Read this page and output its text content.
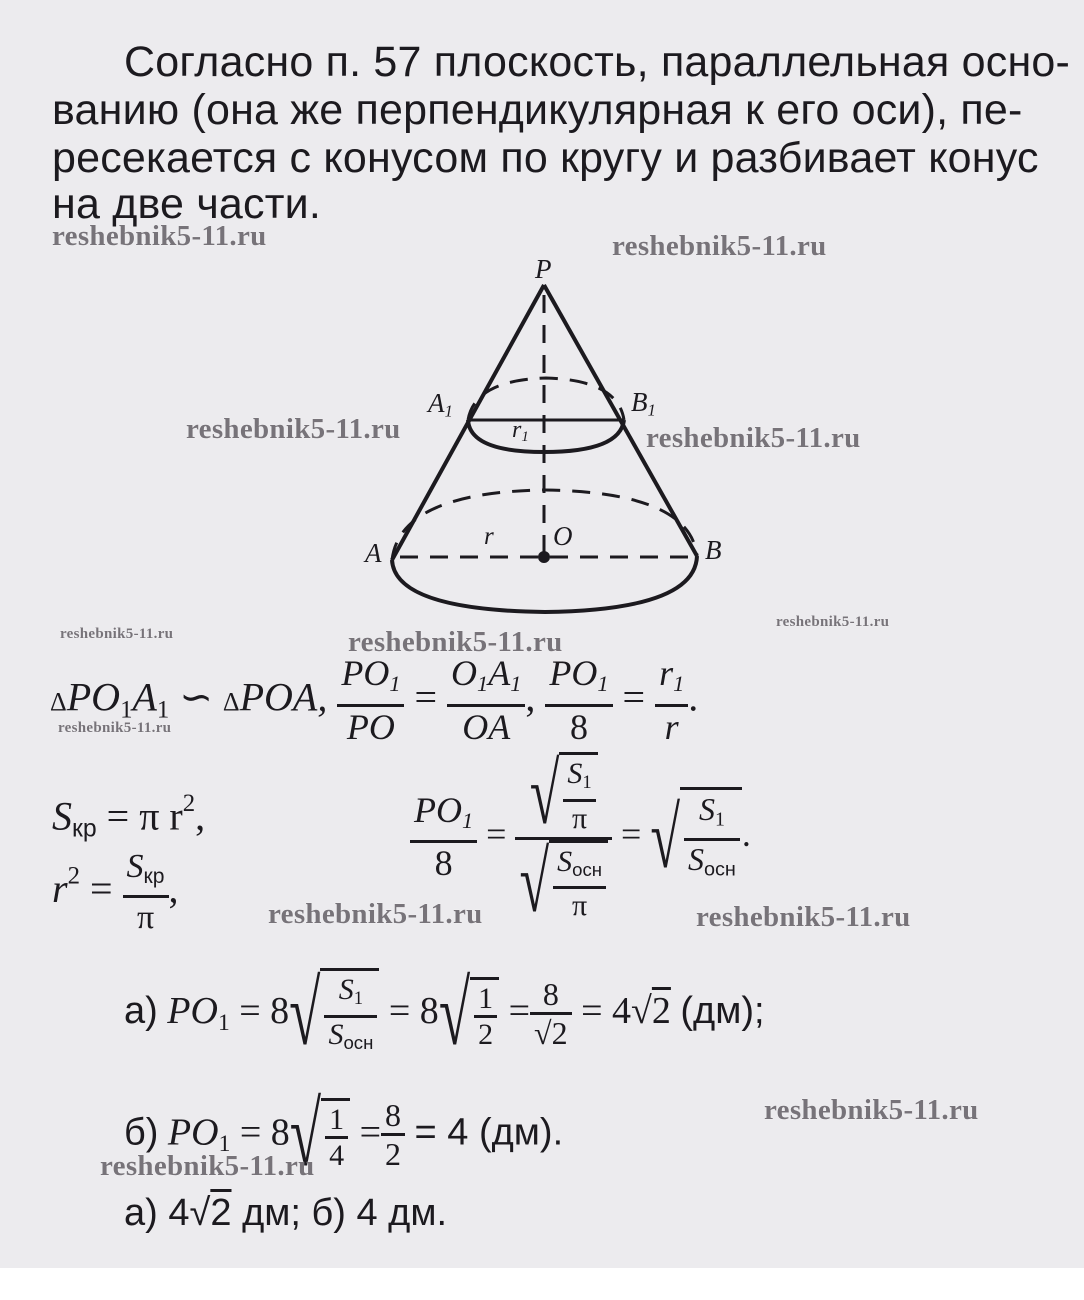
Согласно п. 57 плоскость, параллельная осно-
ванию (она же перпендикулярная к его оси), пе-
ресекается с конусом по кругу и разбивает конус
на две части.
P
$A_1$	$B_1$
$r_1$
A	B
O
r
$\Delta PO_1A_1$ ∽ ΔPOA, $\frac{PO_1}{PO} = \frac{O_1A_1}{OA}$ , $\frac{PO_1}{8} = \frac{r_1}{r}$ .
$S_{кр} = \pi$ $r^2$,
$r^2 = \frac{S_{кр}}{\pi}$ ,
$\frac{PO_1}{8} = \frac{√ \frac{S_1}{\pi}}{√ \frac{S_{осн}}{\pi}}$ = √ $\frac{S_1}{S_{осн}}$ .
а) $PO_1 = 8√ \frac{S_1}{S_{осн}} = 8√ \frac{1}{2} = \frac{8}{√2} = 4√2$ (дм);
б) $PO_1 = 8√ \frac{1}{4} = \frac{8}{2} = 4$ (дм).
а) 4√2 дм; б) 4 дм.
reshebnik5-11.ru	reshebnik5-11.ru
reshebnik5-11.ru	reshebnik5-11.ru
reshebnik5-11.ru	reshebnik5-11.ru
reshebnik5-11.ru
reshebnik5-11.ru
reshebnik5-11.ru	reshebnik5-11.ru
reshebnik5-11.ru
reshebnik5-11.ru
